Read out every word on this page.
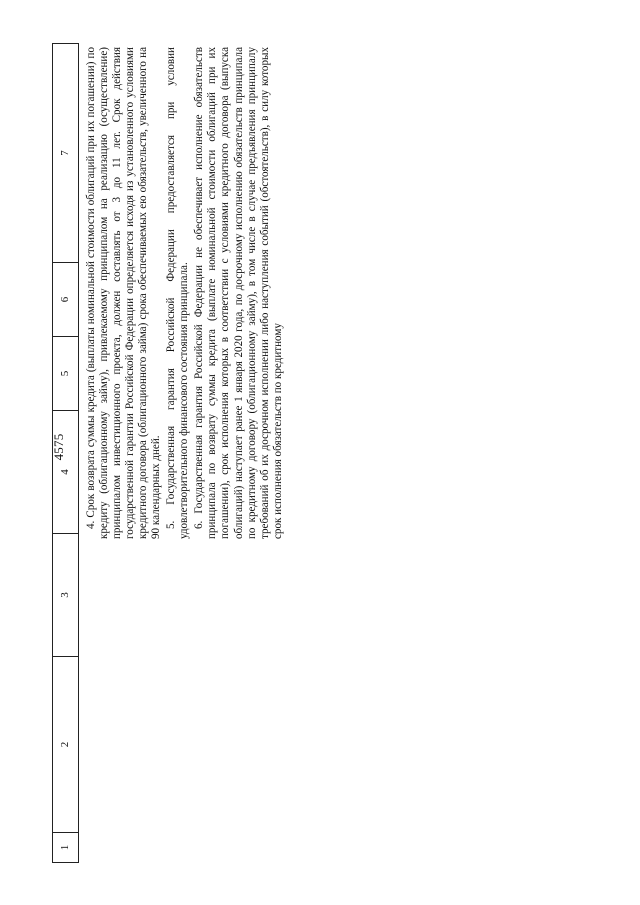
4575
1
2
3
4
5
6
7	4. Срок возврата суммы кредита (выплаты номинальной стоимости облигаций при их погашении) по кредиту (облигационному займу), привлекаемому принципалом на реализацию (осуществление) принципалом инвестиционного проекта, должен составлять от 3 до 11 лет. Срок действия государственной гарантии Российской Федерации определяется исходя из установленного условиями кредитного договора (облигационного займа) срока обеспечиваемых ею обязательств, увеличенного на 90 календарных дней. 5. Государственная гарантия Российской Федерации предоставляется при условии удовлетворительного финансового состояния принципала. 6. Государственная гарантия Российской Федерации не обеспечивает исполнение обязательств принципала по возврату суммы кредита (выплате номинальной стоимости облигаций при их погашении), срок исполнения которых в соответствии с условиями кредитного договора (выпуска облигаций) наступает ранее 1 января 2020 года, по досрочному исполнению обязательств принципала по кредитному договору (облигационному займу), в том числе в случае предъявления принципалу требований об их досрочном исполнении либо наступления событий (обстоятельств), в силу которых срок исполнения обязательств по кредитному
